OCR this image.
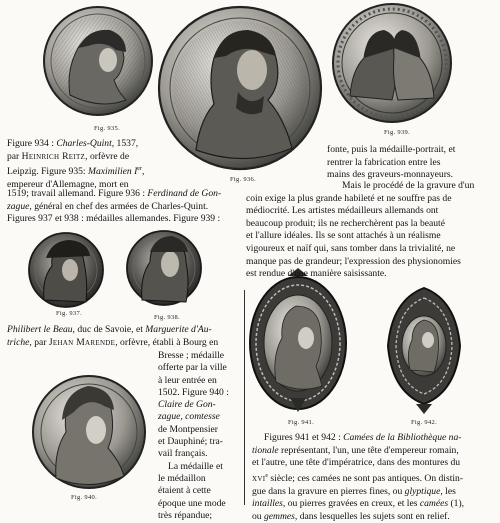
Fig. 935.
Fig. 936.
Fig. 939.
Fig. 937.
Fig. 938.
Fig. 940.
Fig. 941.	Fig. 942.

Figure 934 : Charles-Quint, 1537,

par Heinrich Reitz, orfèvre de

Leipzig. Figure 935: Maximilien Ier,

empereur d'Allemagne, mort en

1519; travail allemand. Figure 936 : Ferdinand de Gon-

zague, général en chef des armées de Charles-Quint.

Figures 937 et 938 : médailles allemandes. Figure 939 :

Philibert le Beau, duc de Savoie, et Marguerite d'Au-

triche, par Jehan Marende, orfèvre, établi à Bourg en

Bresse ; médaille

offerte par la ville

à leur entrée en

1502. Figure 940 :

Claire de Gon-

zague, comtesse

de Montpensier

et Dauphiné; tra-

vail français.

La médaille et

le médaillon

étaient à cette

époque une mode

très répandue;

fonte, puis la médaille-portrait, et

rentrer la fabrication entre les

mains des graveurs-monnayeurs.

Mais le procédé de la gravure d'un

coin exige la plus grande habileté et ne souffre pas de

médiocrité. Les artistes médailleurs allemands ont

beaucoup produit; ils ne recherchèrent pas la beauté

et l'allure idéales. Ils se sont attachés à un réalisme

vigoureux et naïf qui, sans tomber dans la trivialité, ne

manque pas de grandeur; l'expression des physionomies

est rendue d'une manière saisissante.

Figures 941 et 942 : Camées de la Bibliothèque na-

tionale représentant, l'un, une tête d'empereur romain,

et l'autre, une tête d'impératrice, dans des montures du

xvi$^e$ siècle; ces camées ne sont pas antiques. On distin-

gue dans la gravure en pierres fines, ou glyptique, les

intailles, ou pierres gravées en creux, et les camées (1),

ou gemmes, dans lesquelles les sujets sont en relief.
